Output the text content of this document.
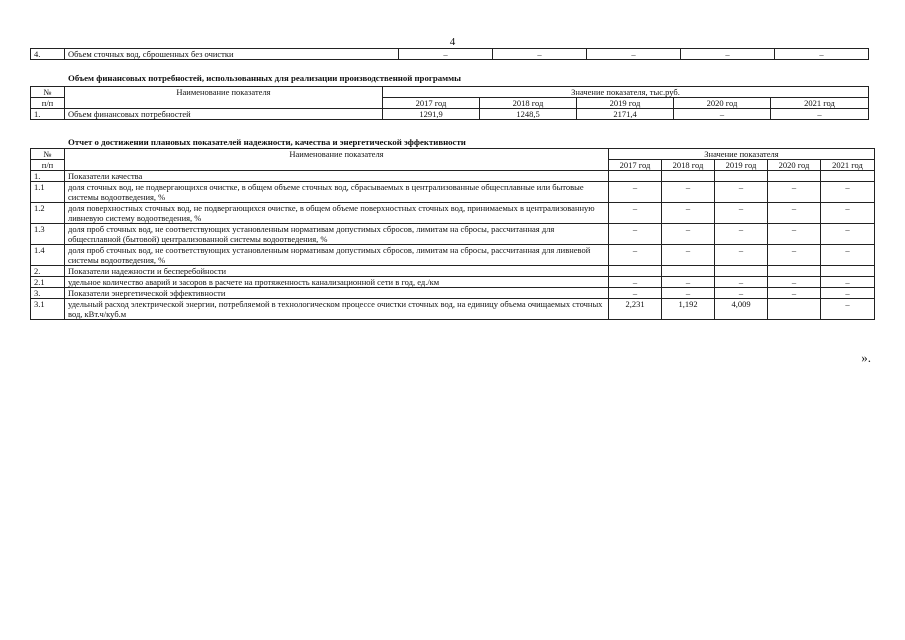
4
4.	Объем сточных вод, сброшенных без очистки	–	–	–	–	–
Объем финансовых потребностей, использованных для реализации производственной программы
№	Наименование показателя	Значение показателя, тыс.руб.				
п/п		2017 год	2018 год	2019 год	2020 год	2021 год
1.	Объем финансовых потребностей	1291,9	1248,5	2171,4	–	–
Отчет о достижении плановых показателей надежности, качества и энергетической эффективности
№	Наименование показателя	Значение показателя				
п/п		2017 год	2018 год	2019 год	2020 год	2021 год
1.	Показатели качества					
1.1	доля сточных вод, не подвергающихся очистке, в общем объеме сточных вод, сбрасываемых в централизованные общесплавные или бытовые системы водоотведения, %	–	–	–	–	–
1.2	доля поверхностных сточных вод, не подвергающихся очистке, в общем объеме поверхностных сточных вод, принимаемых в централизованную ливневую систему водоотведения, %	–	–	–	–	–
1.3	доля проб сточных вод, не соответствующих установленным нормативам допустимых сбросов, лимитам на сбросы, рассчитанная для общесплавной (бытовой) централизованной системы водоотведения, %	–	–	–	–	–
1.4	доля проб сточных вод, не соответствующих установленным нормативам допустимых сбросов, лимитам на сбросы, рассчитанная для ливневой системы водоотведения, %	–	–	–	–	–
2.	Показатели надежности и бесперебойности					
2.1	удельное количество аварий и засоров в расчете на протяженность канализационной сети в год, ед./км	–	–	–	–	–
3.	Показатели энергетической эффективности	–	–	–	–	–
3.1	удельный расход электрической энергии, потребляемой в технологическом процессе очистки сточных вод, на единицу объема очищаемых сточных вод, кВт.ч/куб.м	2,231	1,192	4,009		–
».
